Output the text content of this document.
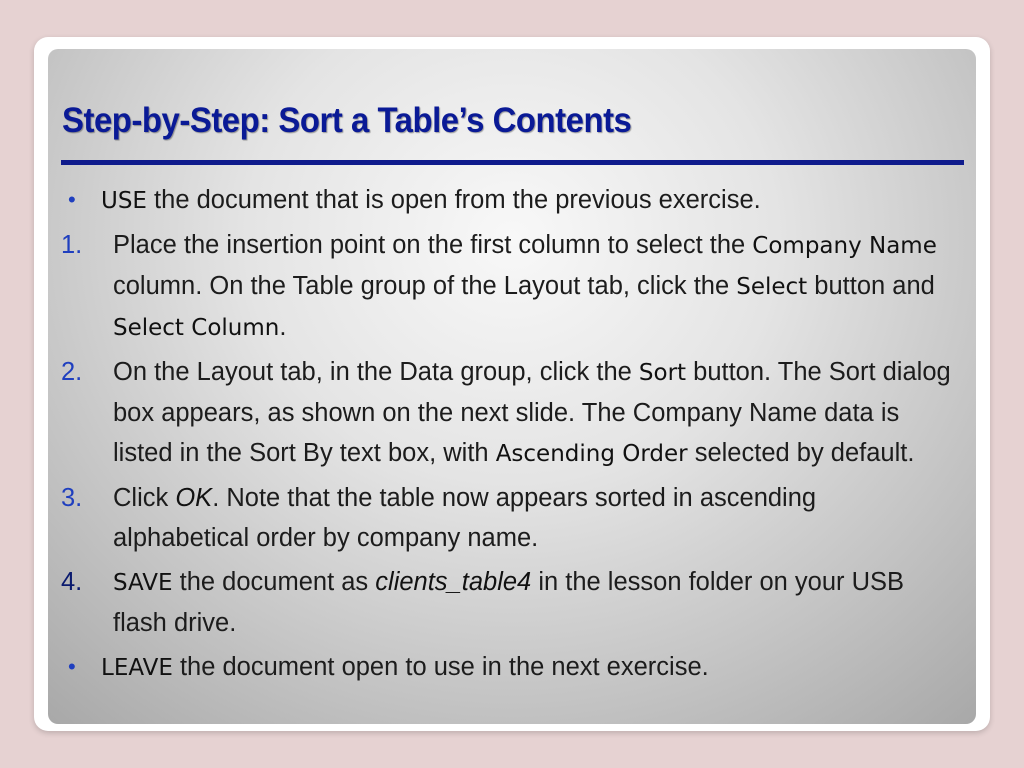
Step-by-Step: Sort a Table’s Contents
• USE the document that is open from the previous exercise.
1. Place the insertion point on the first column to select the Company Name column. On the Table group of the Layout tab, click the Select button and Select Column.
2. On the Layout tab, in the Data group, click the Sort button. The Sort dialog box appears, as shown on the next slide. The Company Name data is listed in the Sort By text box, with Ascending Order selected by default.
3. Click OK. Note that the table now appears sorted in ascending alphabetical order by company name.
4. SAVE the document as clients_table4 in the lesson folder on your USB flash drive.
• LEAVE the document open to use in the next exercise.
